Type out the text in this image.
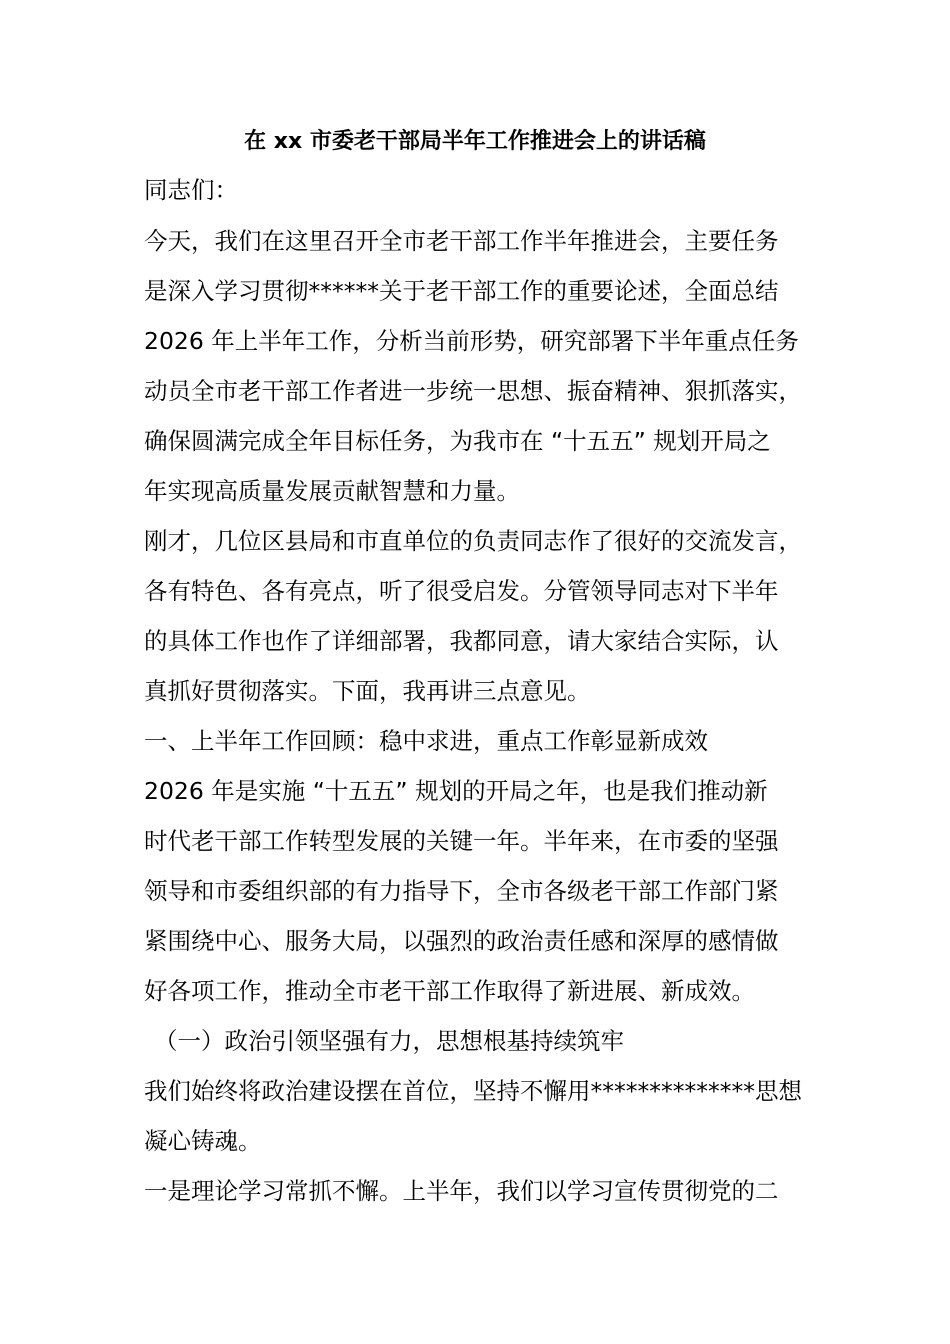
在 xx 市委老干部局半年工作推进会上的讲话稿
同志们：
今天，我们在这里召开全市老干部工作半年推进会，主要任务
是深入学习贯彻******关于老干部工作的重要论述，全面总结
2026 年上半年工作，分析当前形势，研究部署下半年重点任务
动员全市老干部工作者进一步统一思想、振奋精神、狠抓落实，
确保圆满完成全年目标任务，为我市在 “十五五” 规划开局之
年实现高质量发展贡献智慧和力量。
刚才，几位区县局和市直单位的负责同志作了很好的交流发言，
各有特色、各有亮点，听了很受启发。分管领导同志对下半年
的具体工作也作了详细部署，我都同意，请大家结合实际，认
真抓好贯彻落实。下面，我再讲三点意见。
一、上半年工作回顾：稳中求进，重点工作彰显新成效
2026 年是实施 “十五五” 规划的开局之年，也是我们推动新
时代老干部工作转型发展的关键一年。半年来，在市委的坚强
领导和市委组织部的有力指导下，全市各级老干部工作部门紧
紧围绕中心、服务大局，以强烈的政治责任感和深厚的感情做
好各项工作，推动全市老干部工作取得了新进展、新成效。
（一）政治引领坚强有力，思想根基持续筑牢
我们始终将政治建设摆在首位，坚持不懈用**************思想
凝心铸魂。
一是理论学习常抓不懈。上半年，我们以学习宣传贯彻党的二
